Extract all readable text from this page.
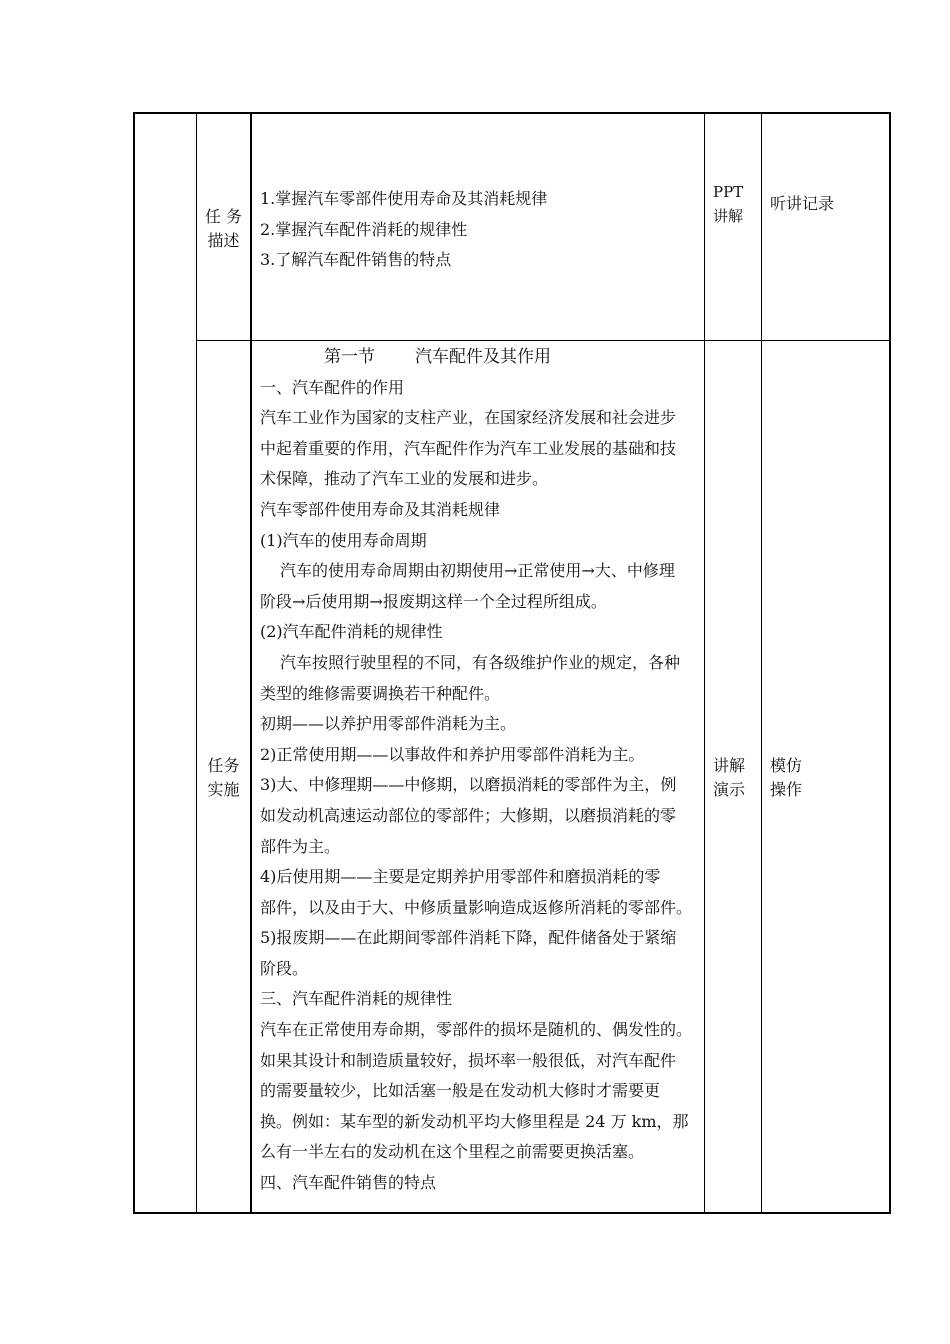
任 务
描述

1.掌握汽车零部件使用寿命及其消耗规律

2.掌握汽车配件消耗的规律性

3.了解汽车配件销售的特点

PPT
讲解
听讲记录
任务
实施

第一节 汽车配件及其作用

一、汽车配件的作用

汽车工业作为国家的支柱产业，在国家经济发展和社会进步

中起着重要的作用，汽车配件作为汽车工业发展的基础和技

术保障，推动了汽车工业的发展和进步。

汽车零部件使用寿命及其消耗规律

(1)汽车的使用寿命周期

汽车的使用寿命周期由初期使用→正常使用→大、中修理

阶段→后使用期→报废期这样一个全过程所组成。

(2)汽车配件消耗的规律性

汽车按照行驶里程的不同，有各级维护作业的规定，各种

类型的维修需要调换若干种配件。

初期——以养护用零部件消耗为主。

2)正常使用期——以事故件和养护用零部件消耗为主。

3)大、中修理期——中修期，以磨损消耗的零部件为主，例

如发动机高速运动部位的零部件；大修期，以磨损消耗的零

部件为主。

4)后使用期——主要是定期养护用零部件和磨损消耗的零

部件，以及由于大、中修质量影响造成返修所消耗的零部件。

5)报废期——在此期间零部件消耗下降，配件储备处于紧缩

阶段。

三、汽车配件消耗的规律性

汽车在正常使用寿命期，零部件的损坏是随机的、偶发性的。

如果其设计和制造质量较好，损坏率一般很低，对汽车配件

的需要量较少，比如活塞一般是在发动机大修时才需要更

换。例如：某车型的新发动机平均大修里程是 24 万 km，那

么有一半左右的发动机在这个里程之前需要更换活塞。

四、汽车配件销售的特点

讲解
演示
模仿
操作
